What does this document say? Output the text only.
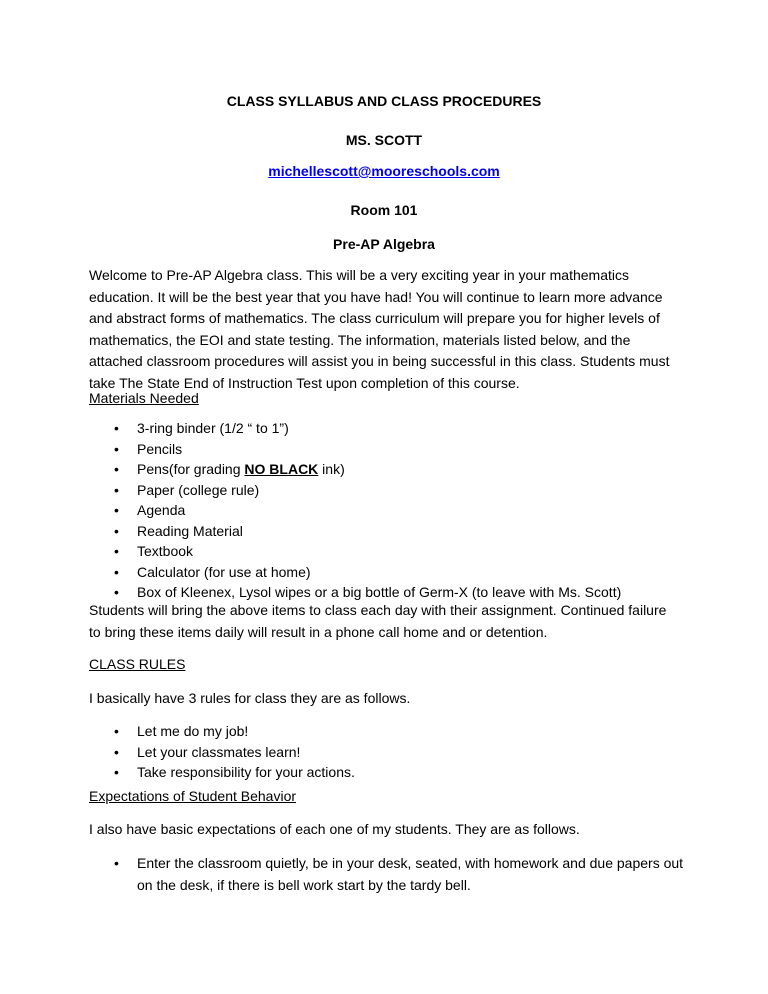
CLASS SYLLABUS AND CLASS PROCEDURES
MS. SCOTT
michellescott@mooreschools.com
Room 101
Pre-AP Algebra
Welcome to Pre-AP Algebra class. This will be a very exciting year in your mathematics education. It will be the best year that you have had! You will continue to learn more advance and abstract forms of mathematics. The class curriculum will prepare you for higher levels of mathematics, the EOI and state testing. The information, materials listed below, and the attached classroom procedures will assist you in being successful in this class. Students must take The State End of Instruction Test upon completion of this course.
Materials Needed
• 3-ring binder (1/2 “ to 1”)
• Pencils
• Pens(for grading NO BLACK ink)
• Paper (college rule)
• Agenda
• Reading Material
• Textbook
• Calculator (for use at home)
• Box of Kleenex, Lysol wipes or a big bottle of Germ-X (to leave with Ms. Scott)
Students will bring the above items to class each day with their assignment. Continued failure to bring these items daily will result in a phone call home and or detention.
CLASS RULES
I basically have 3 rules for class they are as follows.
• Let me do my job!
• Let your classmates learn!
• Take responsibility for your actions.
Expectations of Student Behavior
I also have basic expectations of each one of my students. They are as follows.
• Enter the classroom quietly, be in your desk, seated, with homework and due papers out on the desk, if there is bell work start by the tardy bell.
